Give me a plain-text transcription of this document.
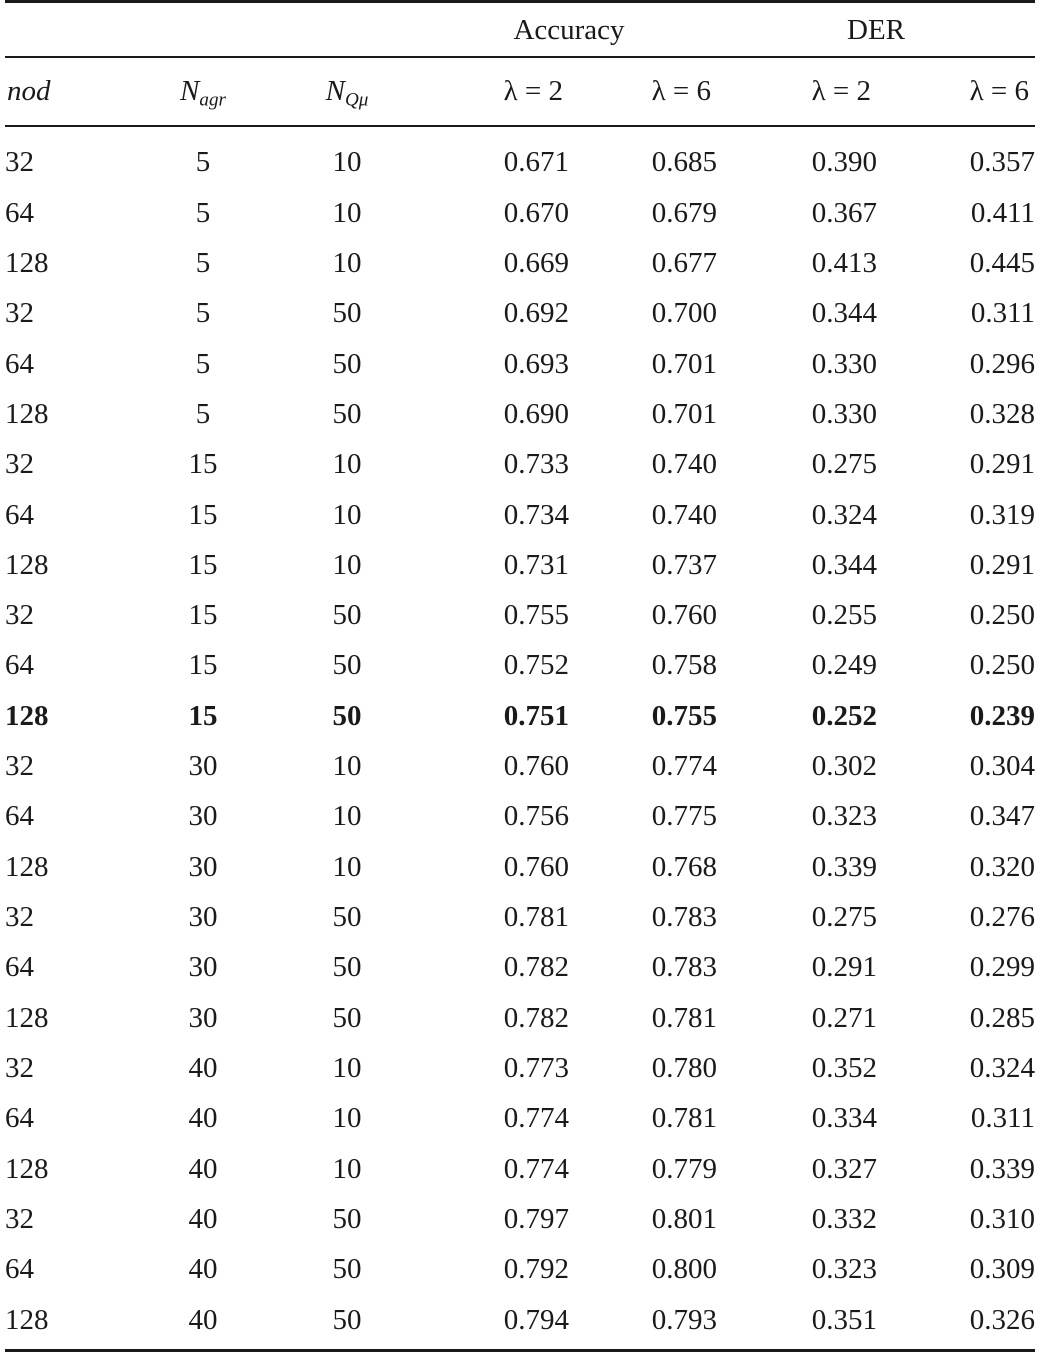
			Accuracy		DER	

nod	$N_{agr}$	$N_{Q\mu}$	λ = 2	λ = 6	λ = 2	λ = 6

32	5	10	0.671	0.685	0.390	0.357
64	5	10	0.670	0.679	0.367	0.411
128	5	10	0.669	0.677	0.413	0.445
32	5	50	0.692	0.700	0.344	0.311
64	5	50	0.693	0.701	0.330	0.296
128	5	50	0.690	0.701	0.330	0.328
32	15	10	0.733	0.740	0.275	0.291
64	15	10	0.734	0.740	0.324	0.319
128	15	10	0.731	0.737	0.344	0.291
32	15	50	0.755	0.760	0.255	0.250
64	15	50	0.752	0.758	0.249	0.250
128	15	50	0.751	0.755	0.252	0.239
32	30	10	0.760	0.774	0.302	0.304
64	30	10	0.756	0.775	0.323	0.347
128	30	10	0.760	0.768	0.339	0.320
32	30	50	0.781	0.783	0.275	0.276
64	30	50	0.782	0.783	0.291	0.299
128	30	50	0.782	0.781	0.271	0.285
32	40	10	0.773	0.780	0.352	0.324
64	40	10	0.774	0.781	0.334	0.311
128	40	10	0.774	0.779	0.327	0.339
32	40	50	0.797	0.801	0.332	0.310
64	40	50	0.792	0.800	0.323	0.309
128	40	50	0.794	0.793	0.351	0.326
